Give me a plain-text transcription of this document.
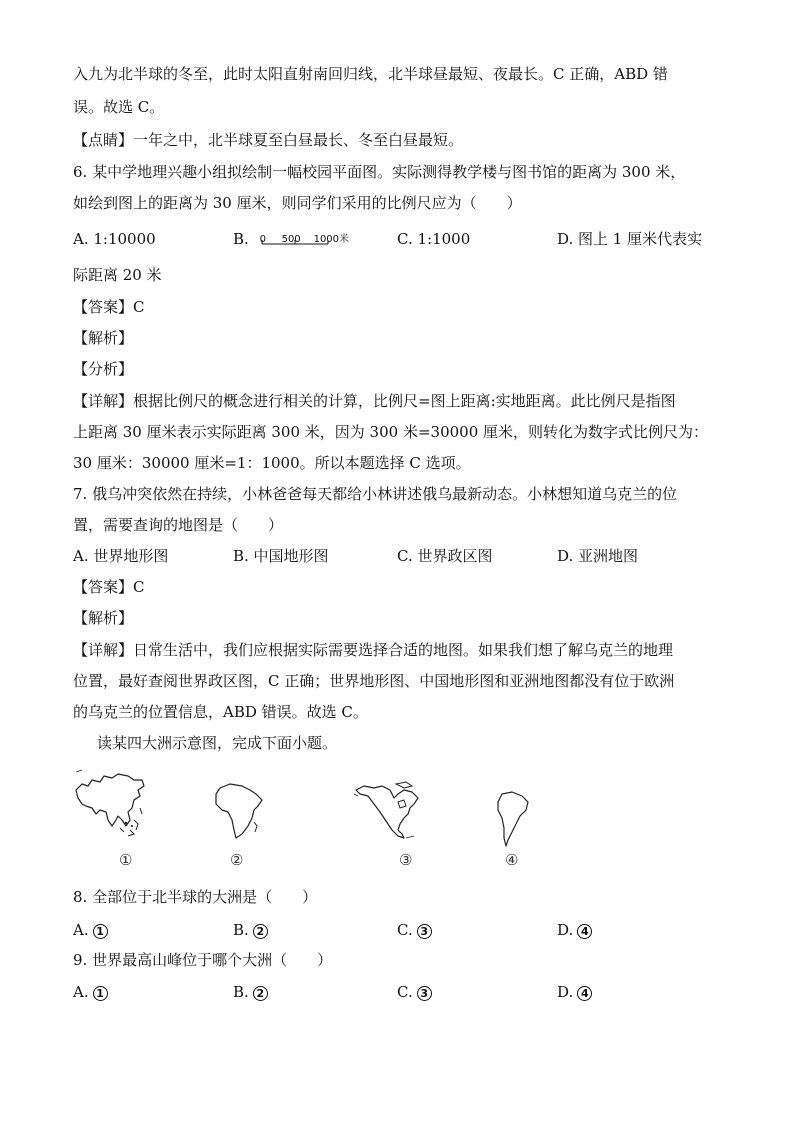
入九为北半球的冬至，此时太阳直射南回归线，北半球昼最短、夜最长。C 正确，ABD 错
误。故选 C。
【点睛】一年之中，北半球夏至白昼最长、冬至白昼最短。
6. 某中学地理兴趣小组拟绘制一幅校园平面图。实际测得教学楼与图书馆的距离为 300 米，
如绘到图上的距离为 30 厘米，则同学们采用的比例尺应为（　　）
A. 1:10000	B. 0 500 1000米	C. 1:1000	D. 图上 1 厘米代表实
际距离 20 米
【答案】C
【解析】
【分析】
【详解】根据比例尺的概念进行相关的计算，比例尺=图上距离:实地距离。此比例尺是指图
上距离 30 厘米表示实际距离 300 米，因为 300 米=30000 厘米，则转化为数字式比例尺为：
30 厘米：30000 厘米=1：1000。所以本题选择 C 选项。
7. 俄乌冲突依然在持续，小林爸爸每天都给小林讲述俄乌最新动态。小林想知道乌克兰的位
置，需要查询的地图是（　　）
A. 世界地形图	B. 中国地形图	C. 世界政区图	D. 亚洲地图
【答案】C
【解析】
【详解】日常生活中，我们应根据实际需要选择合适的地图。如果我们想了解乌克兰的地理
位置，最好查阅世界政区图，C 正确；世界地形图、中国地形图和亚洲地图都没有位于欧洲
的乌克兰的位置信息，ABD 错误。故选 C。
读某四大洲示意图，完成下面小题。
①	②	③	④
8. 全部位于北半球的大洲是（　　）
A. 1	B. 2	C. 3	D. 4
9. 世界最高山峰位于哪个大洲（　　）
A. 1	B. 2	C. 3	D. 4
